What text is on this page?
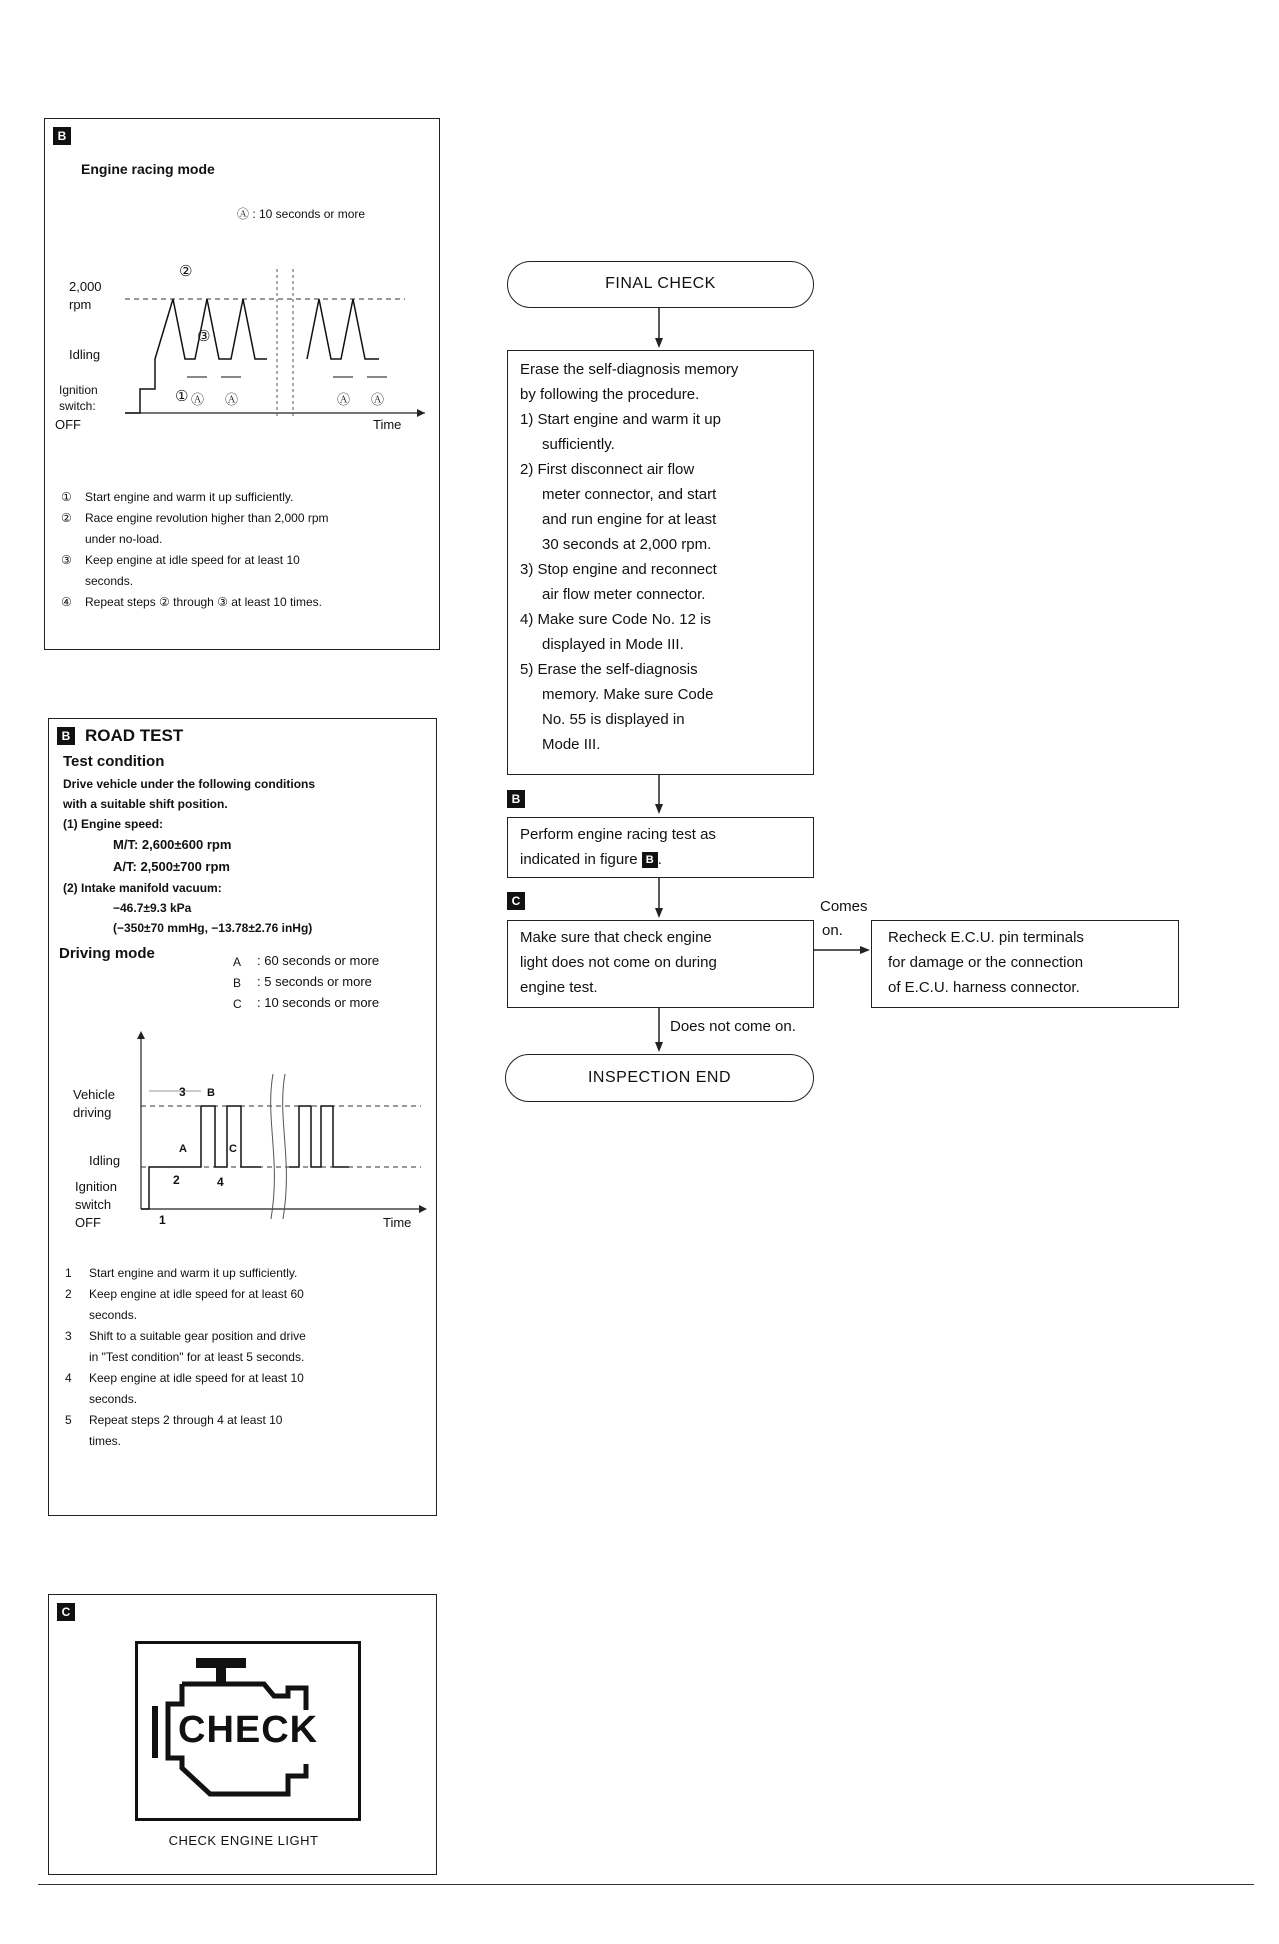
B
Engine racing mode
Ⓐ : 10 seconds or more
2,000
rpm
Idling
Ignition
switch:
OFF	Time
②
③
① Ⓐ Ⓐ	Ⓐ Ⓐ
①	Start engine and warm it up sufficiently.
②	Race engine revolution higher than 2,000 rpm
under no-load.
③	Keep engine at idle speed for at least 10
seconds.
④	Repeat steps ② through ③ at least 10 times.
B ROAD TEST
Test condition
Drive vehicle under the following conditions
with a suitable shift position.
(1) Engine speed:
M/T: 2,600±600 rpm
A/T: 2,500±700 rpm
(2) Intake manifold vacuum:
−46.7±9.3 kPa
(−350±70 mmHg, −13.78±2.76 inHg)
Driving mode	A : 60 seconds or more
B : 5 seconds or more
C : 10 seconds or more
Vehicle
driving
Idling
Ignition
switch
OFF	Time
3 B
A	C
2	4
1
1	Start engine and warm it up sufficiently.
2	Keep engine at idle speed for at least 60
seconds.
3	Shift to a suitable gear position and drive
in "Test condition" for at least 5 seconds.
4	Keep engine at idle speed for at least 10
seconds.
5	Repeat steps 2 through 4 at least 10
times.
C
CHECK
CHECK ENGINE LIGHT
FINAL CHECK
Erase the self-diagnosis memory
by following the procedure.
1) Start engine and warm it up
sufficiently.
2) First disconnect air flow
meter connector, and start
and run engine for at least
30 seconds at 2,000 rpm.
3) Stop engine and reconnect
air flow meter connector.
4) Make sure Code No. 12 is
displayed in Mode III.
5) Erase the self-diagnosis
memory. Make sure Code
No. 55 is displayed in
Mode III.
B
Perform engine racing test as
indicated in figure B .
C
Make sure that check engine
light does not come on during
engine test.
Comes
on.	Recheck E.C.U. pin terminals
for damage or the connection
of E.C.U. harness connector.
Does not come on.
INSPECTION END
